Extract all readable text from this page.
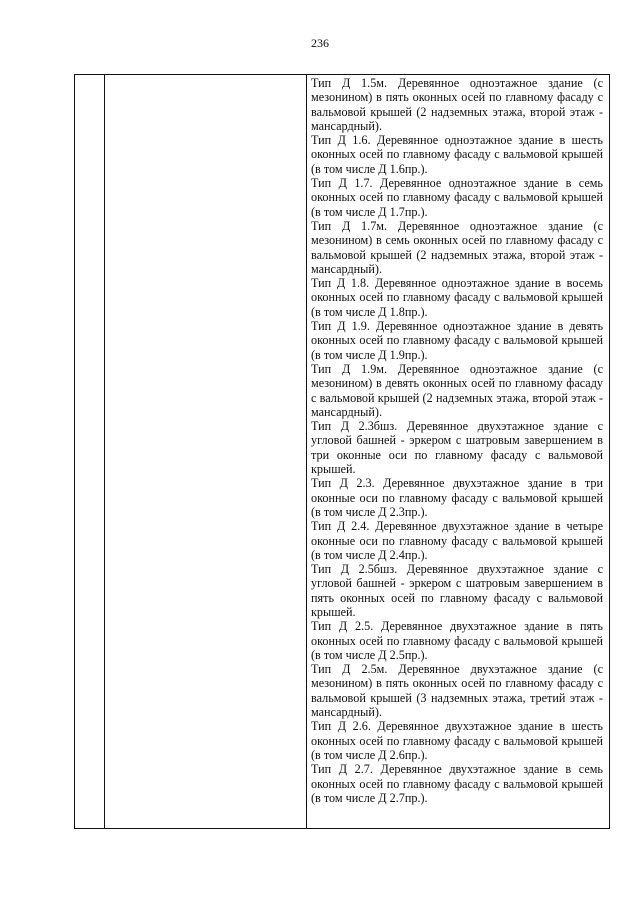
236

Тип Д 1.5м. Деревянное одноэтажное здание (с мезонином) в пять оконных осей по главному фасаду с вальмовой крышей (2 надземных этажа, второй этаж - мансардный).

Тип Д 1.6. Деревянное одноэтажное здание в шесть оконных осей по главному фасаду с вальмовой крышей (в том числе Д 1.6пр.).

Тип Д 1.7. Деревянное одноэтажное здание в семь оконных осей по главному фасаду с вальмовой крышей (в том числе Д 1.7пр.).

Тип Д 1.7м. Деревянное одноэтажное здание (с мезонином) в семь оконных осей по главному фасаду с вальмовой крышей (2 надземных этажа, второй этаж - мансардный).

Тип Д 1.8. Деревянное одноэтажное здание в восемь оконных осей по главному фасаду с вальмовой крышей (в том числе Д 1.8пр.).

Тип Д 1.9. Деревянное одноэтажное здание в девять оконных осей по главному фасаду с вальмовой крышей (в том числе Д 1.9пр.).

Тип Д 1.9м. Деревянное одноэтажное здание (с мезонином) в девять оконных осей по главному фасаду с вальмовой крышей (2 надземных этажа, второй этаж - мансардный).

Тип Д 2.3бшз. Деревянное двухэтажное здание с угловой башней - эркером с шатровым завершением в три оконные оси по главному фасаду с вальмовой крышей.

Тип Д 2.3. Деревянное двухэтажное здание в три оконные оси по главному фасаду с вальмовой крышей (в том числе Д 2.3пр.).

Тип Д 2.4. Деревянное двухэтажное здание в четыре оконные оси по главному фасаду с вальмовой крышей (в том числе Д 2.4пр.).

Тип Д 2.5бшз. Деревянное двухэтажное здание с угловой башней - эркером с шатровым завершением в пять оконных осей по главному фасаду с вальмовой крышей.

Тип Д 2.5. Деревянное двухэтажное здание в пять оконных осей по главному фасаду с вальмовой крышей (в том числе Д 2.5пр.).

Тип Д 2.5м. Деревянное двухэтажное здание (с мезонином) в пять оконных осей по главному фасаду с вальмовой крышей (3 надземных этажа, третий этаж - мансардный).

Тип Д 2.6. Деревянное двухэтажное здание в шесть оконных осей по главному фасаду с вальмовой крышей (в том числе Д 2.6пр.).

Тип Д 2.7. Деревянное двухэтажное здание в семь оконных осей по главному фасаду с вальмовой крышей (в том числе Д 2.7пр.).
